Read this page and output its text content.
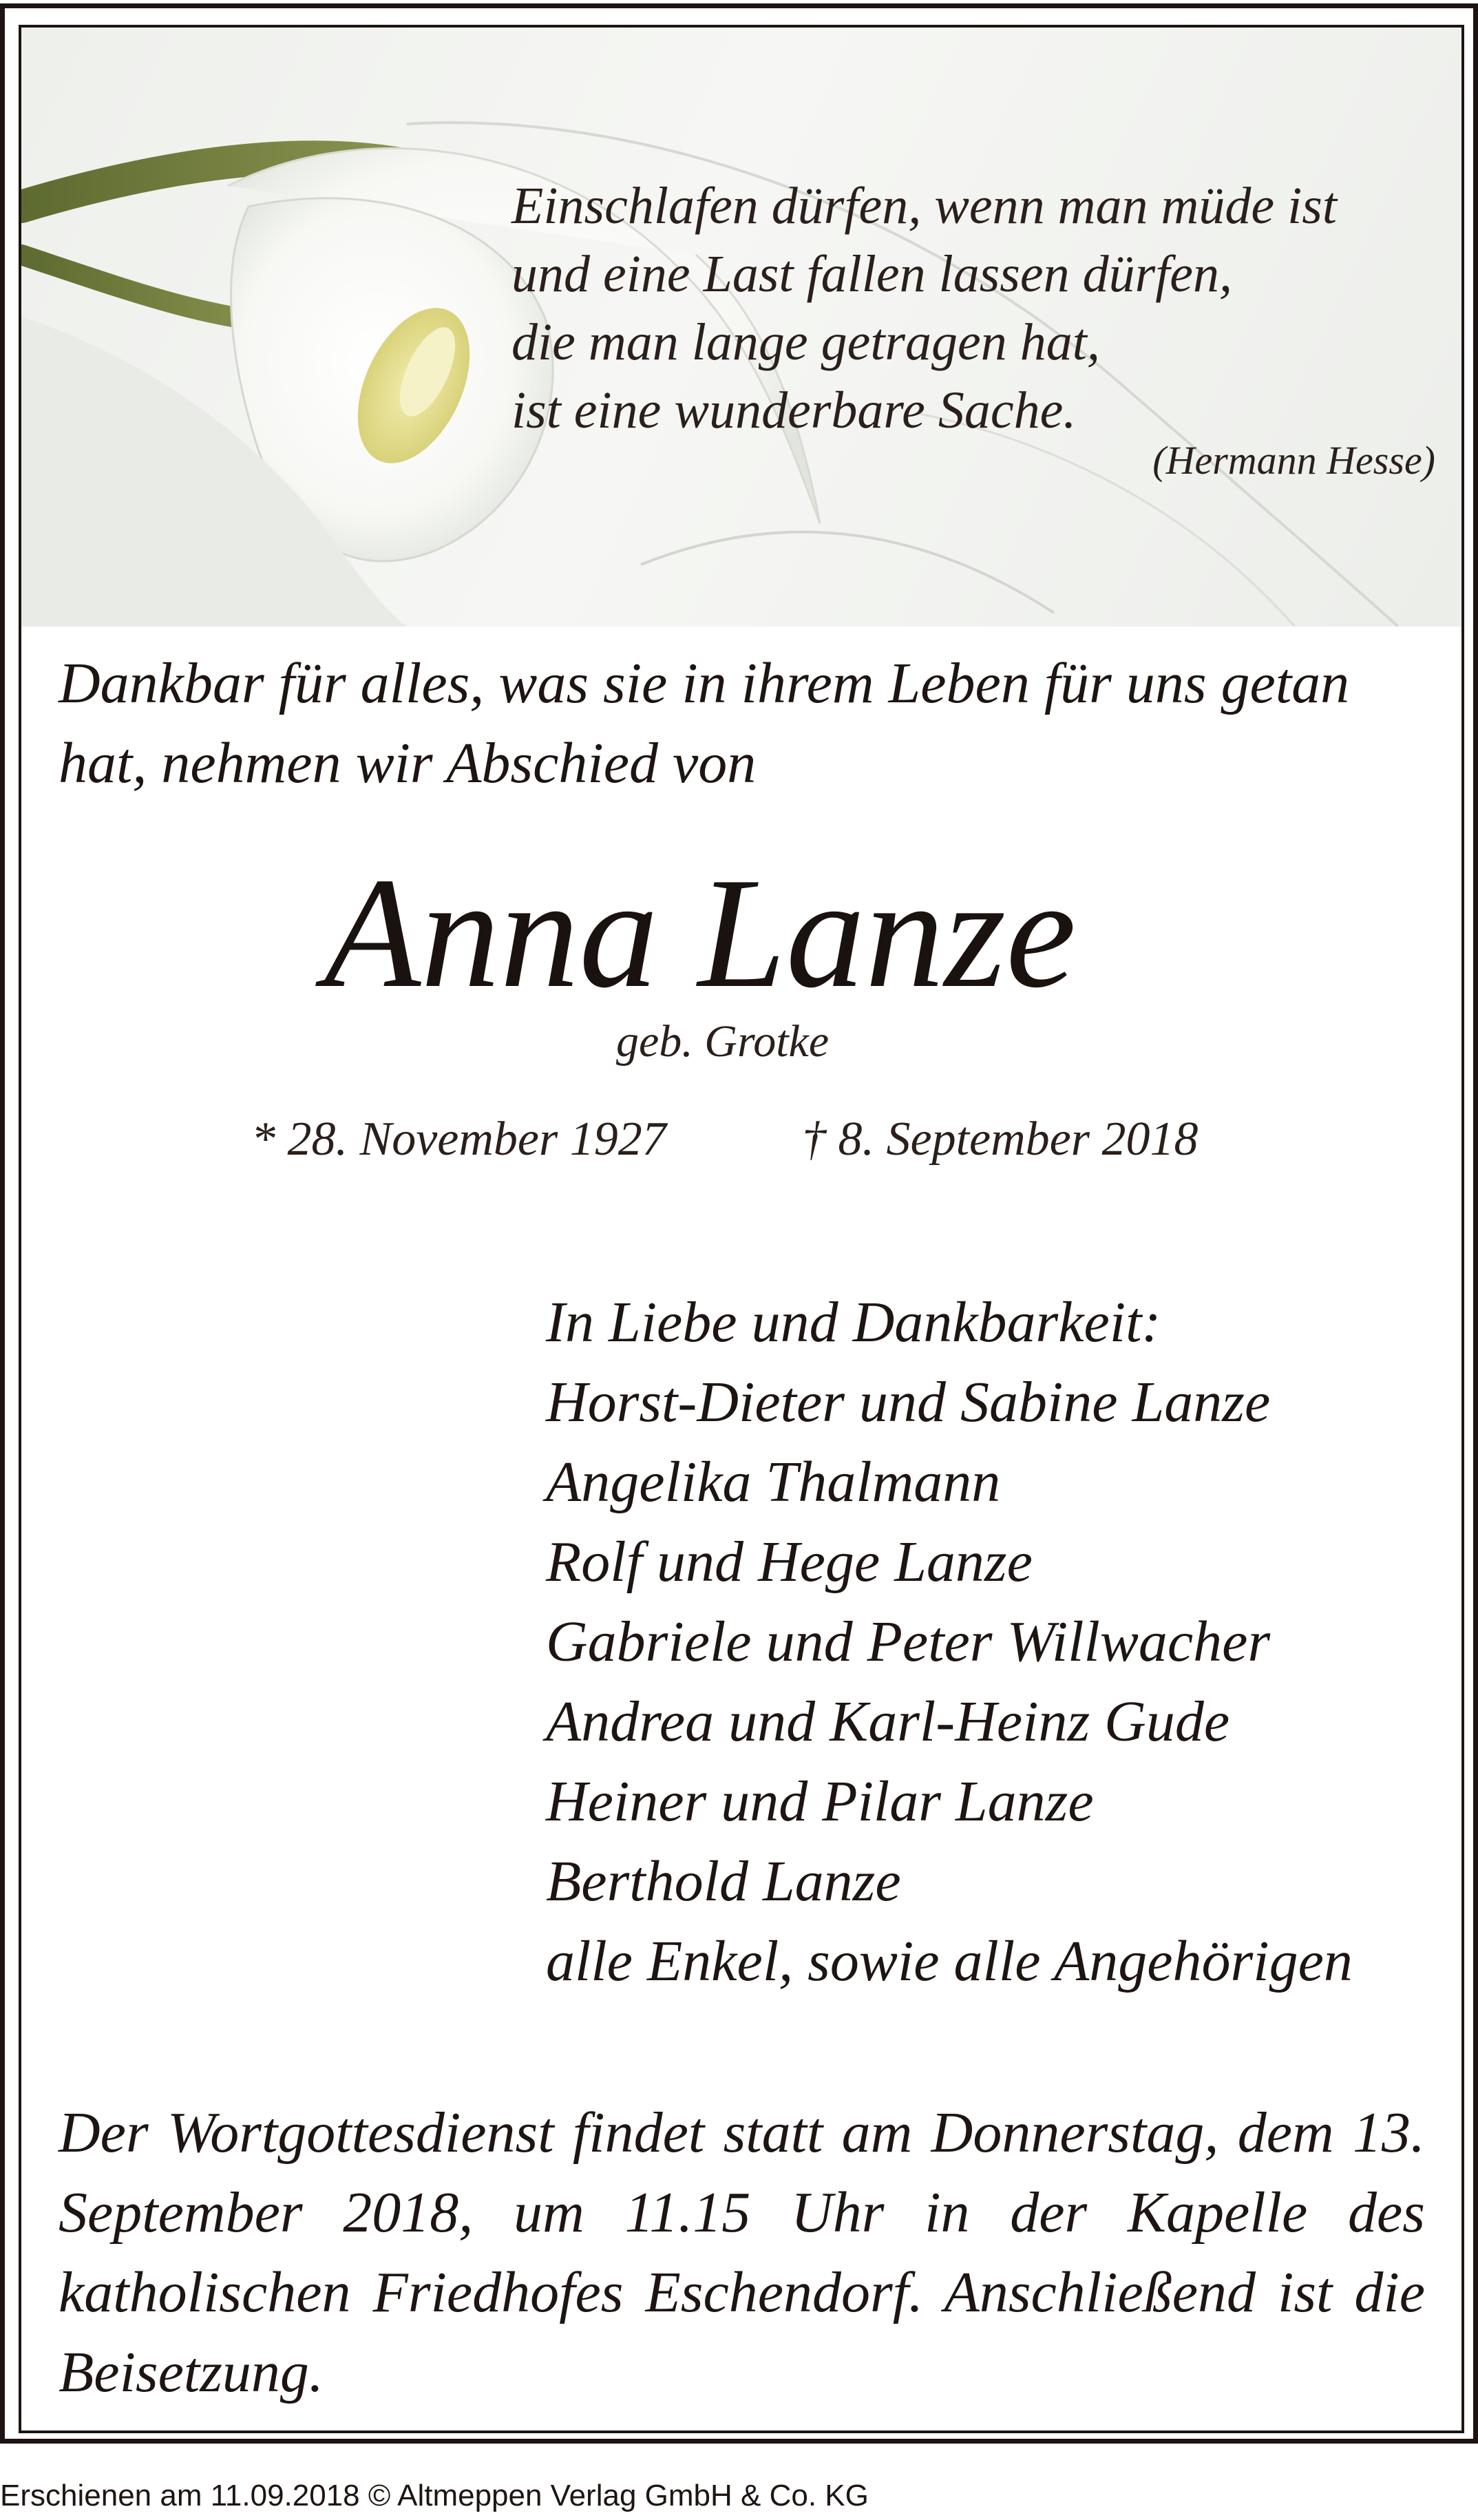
Einschlafen dürfen, wenn man müde ist
und eine Last fallen lassen dürfen,
die man lange getragen hat,
ist eine wunderbare Sache.

(Hermann Hesse)

Dankbar für alles, was sie in ihrem Leben für uns getan hat, nehmen wir Abschied von

Anna Lanze

geb. Grotke

* 28. November 1927	† 8. September 2018

In Liebe und Dankbarkeit:
Horst-Dieter und Sabine Lanze
Angelika Thalmann
Rolf und Hege Lanze
Gabriele und Peter Willwacher
Andrea und Karl-Heinz Gude
Heiner und Pilar Lanze
Berthold Lanze
alle Enkel, sowie alle Angehörigen

Der Wortgottesdienst findet statt am Donnerstag, dem 13. September 2018, um 11.15 Uhr in der Kapelle des katholischen Friedhofes Eschendorf. Anschließend ist die Beisetzung.

Erschienen am 11.09.2018 © Altmeppen Verlag GmbH & Co. KG
